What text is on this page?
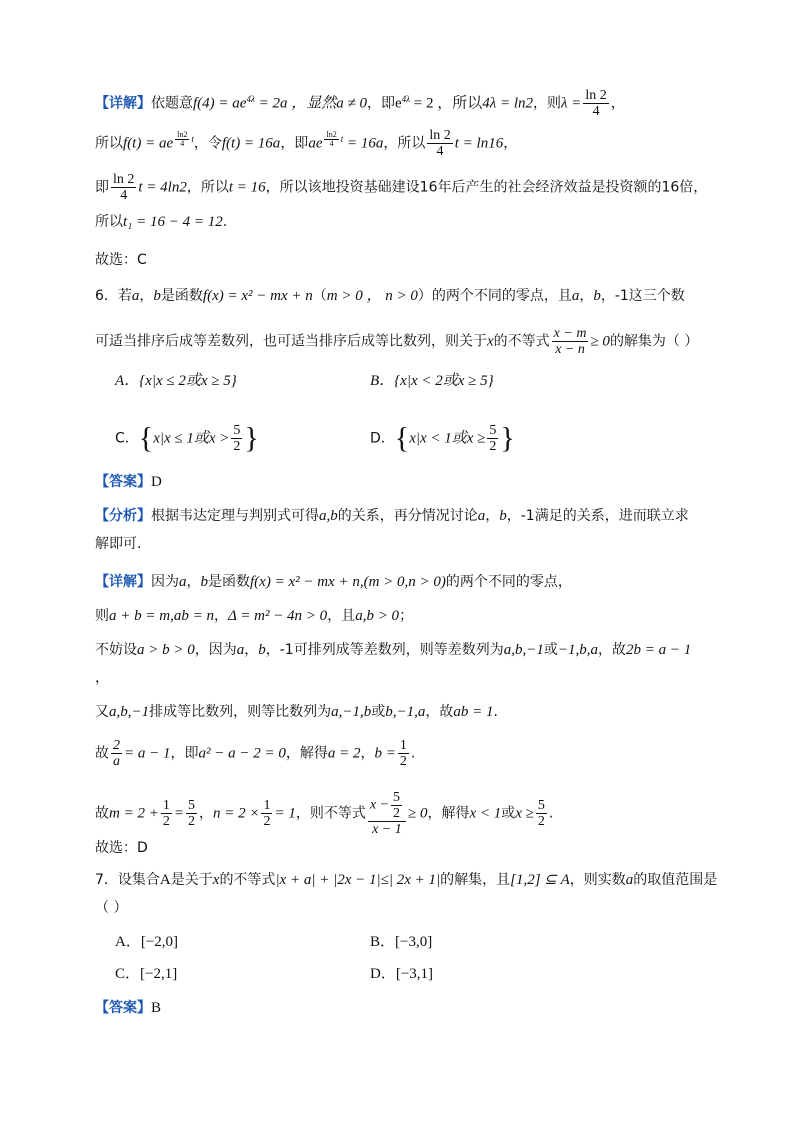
【详解】依题意$f(4) = ae^{4\lambda} = 2a$ ，显然a ≠ 0，即$e^{4\lambda} = 2$ ，所以4λ = ln2，则$\lambda = \frac{\ln 2}{4}$ ，
所以f(t) = ae $^{\frac{\ln 2}{4} t}$，令f(t) = 16a，即ae $^{\frac{\ln 2}{4} t}$ = 16a，所以 $\frac{\ln 2}{4}$ t = ln16，
即 $\frac{\ln 2}{4}$ t = 4ln2，所以t = 16，所以该地投资基础建设16年后产生的社会经济效益是投资额的16倍，
所以t₁ = 16 − 4 = 12.
故选：C
6．若a，b是函数f(x) = x² − mx + n（m > 0 ， n > 0）的两个不同的零点，且a，b，-1这三个数
可适当排序后成等差数列，也可适当排序后成等比数列，则关于x的不等式 $\frac{x - m}{x - n} \ge 0$的解集为（ ）
A．{x|x ≤ 2或x ≥ 5}	B．{x|x < 2或x ≥ 5}
C．{x|x ≤ 1或$x > \frac{5}{2}$ }	D．{x|x < 1或$x \ge \frac{5}{2}$ }
【答案】D
【分析】根据韦达定理与判别式可得a,b的关系，再分情况讨论a，b，-1满足的关系，进而联立求
解即可.
【详解】因为a，b是函数f(x) = x² − mx + n,(m > 0,n > 0)的两个不同的零点，
则a + b = m,ab = n，Δ = m² − 4n > 0，且a,b > 0；
不妨设a > b > 0，因为a，b，-1可排列成等差数列，则等差数列为a,b,−1或−1,b,a，故2b = a − 1
，
又a,b,−1排成等比数列，则等比数列为a,−1,b或b,−1,a，故ab = 1.
故 $\frac{2}{a} = a - 1$，即a² − a − 2 = 0，解得a = 2，$b = \frac{1}{2}$ .
故$m = 2 + \frac{1}{2} = \frac{5}{2}$ ，$n = 2 \times \frac{1}{2} = 1$，则不等式 $\frac{x - \frac{5}{2}}{x - 1} \ge 0$，解得x < 1或$x \ge \frac{5}{2}$ .
故选：D
7．设集合A是关于x的不等式|x + a| + |2x − 1|≤| 2x + 1|的解集，且[1,2] ⊆ A，则实数a的取值范围是
（ ）
A．[−2,0]	B．[−3,0]
C．[−2,1]	D．[−3,1]
【答案】B
